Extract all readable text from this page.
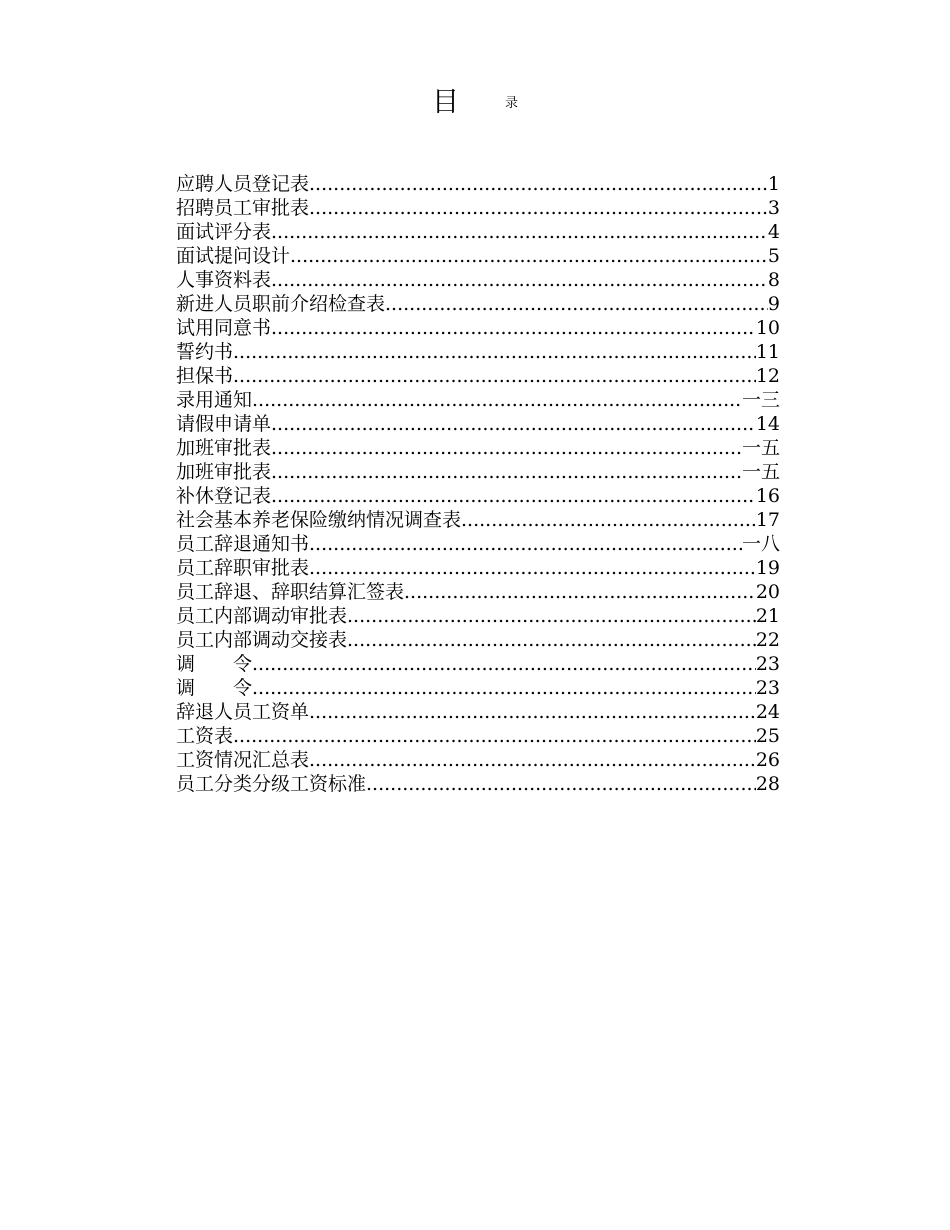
目	$^录$
应聘人员登记表 .....	1
招聘员工审批表 .....	3
面试评分表 .....	4
面试提问设计 .....	5
人事资料表 .....	8
新进人员职前介绍检查表 .....	9
试用同意书 .....	10
誓约书 .....	11
担保书 .....	12
录用通知 .....	一三
请假申请单 .....	14
加班审批表 .....	一五
加班审批表 .....	一五
补休登记表 .....	16
社会基本养老保险缴纳情况调查表 .....	17
员工辞退通知书 .....	一八
员工辞职审批表 .....	19
员工辞退、辞职结算汇签表 .....	20
员工内部调动审批表 .....	21
员工内部调动交接表 .....	22
调　　令 .....	23
调　　令 .....	23
辞退人员工资单 .....	24
工资表 .....	25
工资情况汇总表 .....	26
员工分类分级工资标准 .....	28
